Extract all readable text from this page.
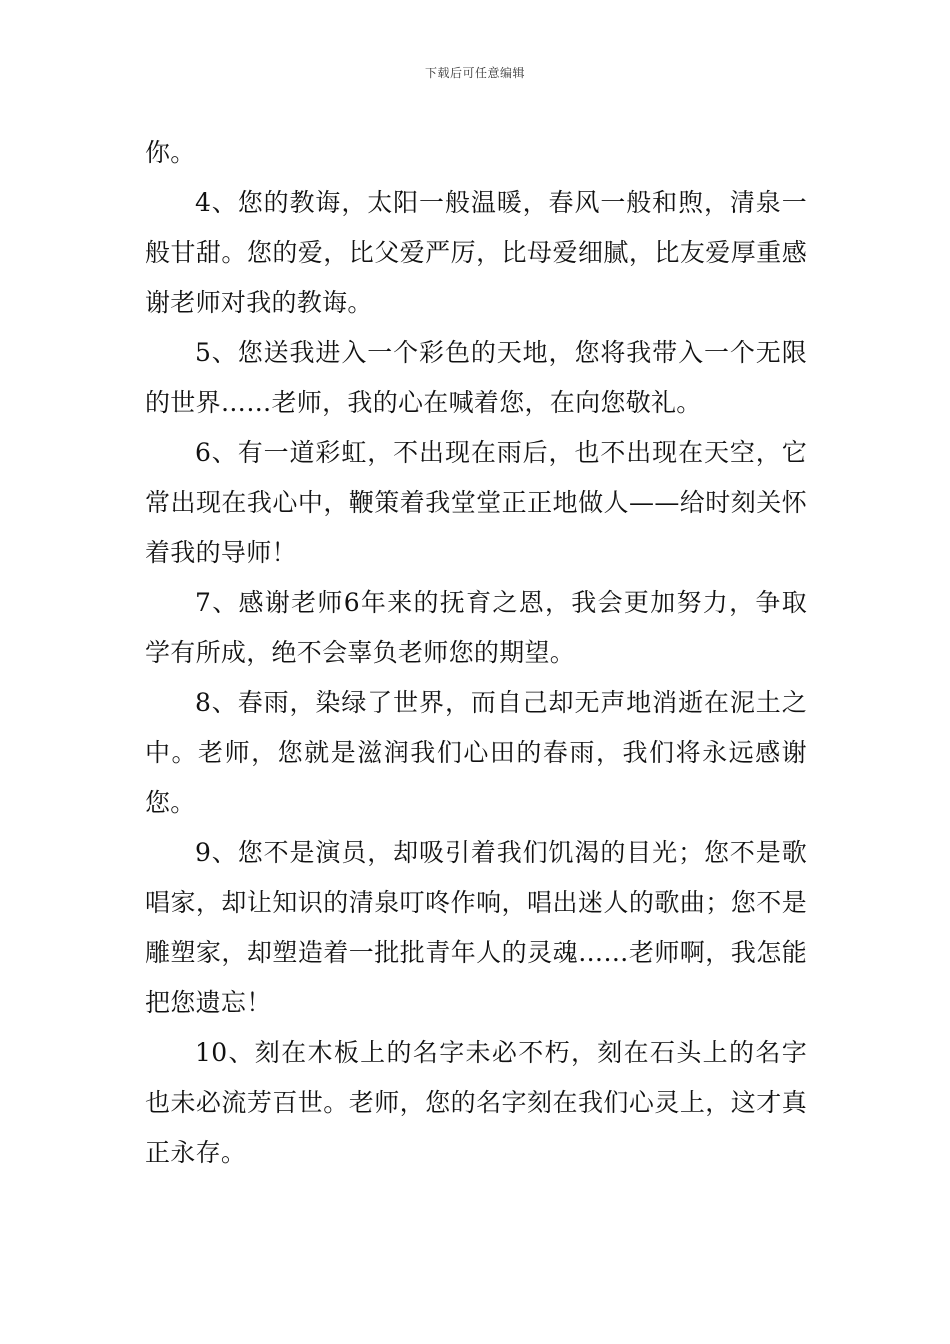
下载后可任意编辑

你。

4、您的教诲，太阳一般温暖，春风一般和煦，清泉一般甘甜。您的爱，比父爱严厉，比母爱细腻，比友爱厚重感谢老师对我的教诲。

5、您送我进入一个彩色的天地，您将我带入一个无限的世界……老师，我的心在喊着您，在向您敬礼。

6、有一道彩虹，不出现在雨后，也不出现在天空，它常出现在我心中，鞭策着我堂堂正正地做人——给时刻关怀着我的导师！

7、感谢老师6年来的抚育之恩，我会更加努力，争取学有所成，绝不会辜负老师您的期望。

8、春雨，染绿了世界，而自己却无声地消逝在泥土之中。老师，您就是滋润我们心田的春雨，我们将永远感谢您。

9、您不是演员，却吸引着我们饥渴的目光；您不是歌唱家，却让知识的清泉叮咚作响，唱出迷人的歌曲；您不是雕塑家，却塑造着一批批青年人的灵魂……老师啊，我怎能把您遗忘！

10、刻在木板上的名字未必不朽，刻在石头上的名字也未必流芳百世。老师，您的名字刻在我们心灵上，这才真正永存。
